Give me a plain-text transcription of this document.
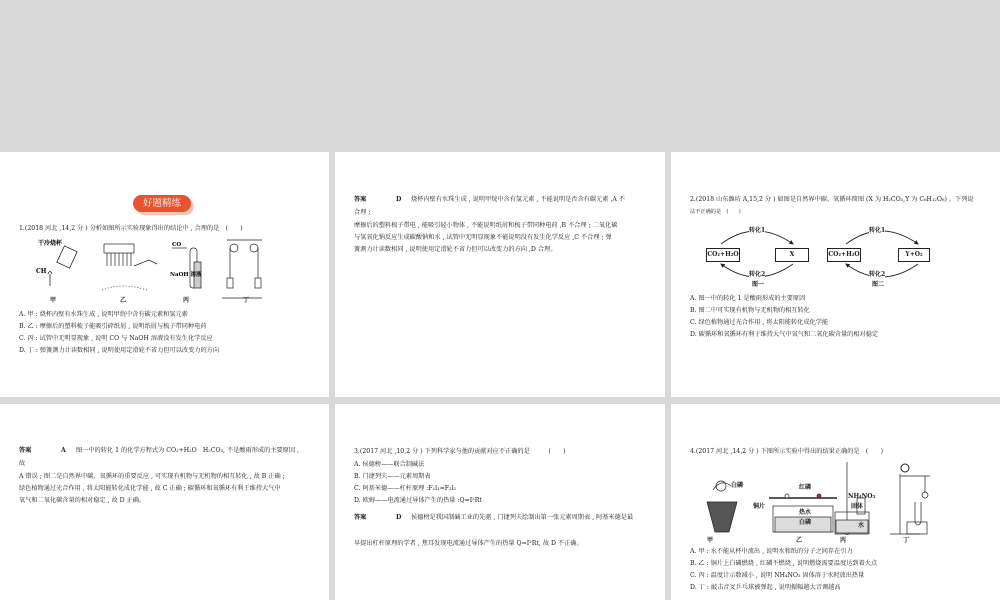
好题精练
1.(2018 河北 ,14,2 分 ) 分析如图所示实验现象得出的结论中 , 合理的是　(　　)
干冷烧杯
CH
CO
NaOH 溶液
甲	乙	丙	丁
A. 甲 : 烧杯内壁有水珠生成 , 说明甲烷中含有碳元素和氢元素
B. 乙 : 摩擦后的塑料梳子能吸引碎纸屑 , 说明纸屑与梳子带同种电荷
C. 丙 : 试管中无明显现象 , 说明 CO 与 NaOH 溶液没有发生化学反应
D. 丁 : 弹簧测力计读数相同 , 说明使用定滑轮不省力但可以改变力的方向
答案	D 烧杯内壁有水珠生成 , 说明甲烷中含有氢元素 , 不能说明是否含有碳元素 ,A 不
合理 ;
摩擦后的塑料梳子带电 , 能吸引轻小物体 , 不能说明纸屑和梳子带同种电荷 ,B 不合理 ; 二氧化碳
与氢氧化钠反应生成碳酸钠和水 , 试管中无明显现象不能说明没有发生化学反应 ,C 不合理 ; 弹
簧测力计读数相同 , 说明使用定滑轮不省力但可以改变力的方向 ,D 合理。
2.(2018 山东潍坊 A,15,2 分 ) 如图是自然界中碳、氧循环简图 (X 为 H₂CO₃,Y 为 C₆H₁₂O₆) 。下列说
法不正确的是　(　　)
转化1
CO₂+H₂O	X
转化2
图一
转化1
CO₂+H₂O	Y+O₂
转化2
图二
A. 图一中的转化 1 是酸雨形成的主要原因
B. 图二中可实现有机物与无机物的相互转化
C. 绿色植物通过光合作用 , 将太阳能转化成化学能
D. 碳循环和氧循环有利于维持大气中氧气和二氧化碳含量的相对稳定
答案	A 图一中的转化 1 的化学方程式为 CO₂+H₂O　H₂CO₃, 不是酸雨形成的主要原因 ,
故
A 错误 ; 图二是自然界中碳、氧循环的重要反应 , 可实现有机物与无机物的相互转化 , 故 B 正确 ;
绿色植物通过光合作用 , 将太阳能转化成化学能 , 故 C 正确 ; 碳循环和氧循环有利于维持大气中
氧气和二氧化碳含量的相对稳定 , 故 D 正确。
3.(2017 河北 ,10,2 分 ) 下列科学家与他的贡献对应不正确的是　　　(　　)
A. 侯德榜——联合制碱法
B. 门捷列夫——元素周期表
C. 阿基米德——杠杆原理 :F₁l₁=F₂l₂
D. 欧姆——电流通过导体产生的热量 :Q=I²Rt
答案	D 侯德榜是我国制碱工业的先驱 , 门捷列夫绘制出第一张元素周期表 , 阿基米德是最
早提出杠杆原理的学者 , 焦耳发现电流通过导体产生的热量 Q=I²Rt, 故 D 不正确。
4.(2017 河北 ,14,2 分 ) 下图所示实验中得出的结果正确的是　(　　)
白磷	红磷
铜片
热水
白磷
NH₄NO₃
固体
水
甲	乙	丙	丁
A. 甲 : 水不能从杯中流出 , 说明水和纸的分子之间存在引力
B. 乙 : 铜片上白磷燃烧 , 红磷不燃烧 , 说明燃烧需要温度达到着火点
C. 丙 : 温度计示数减小 , 说明 NH₄NO₃ 固体溶于水时放出热量
D. 丁 : 敲击音叉乒乓球被弹起 , 说明振幅越大音调越高
